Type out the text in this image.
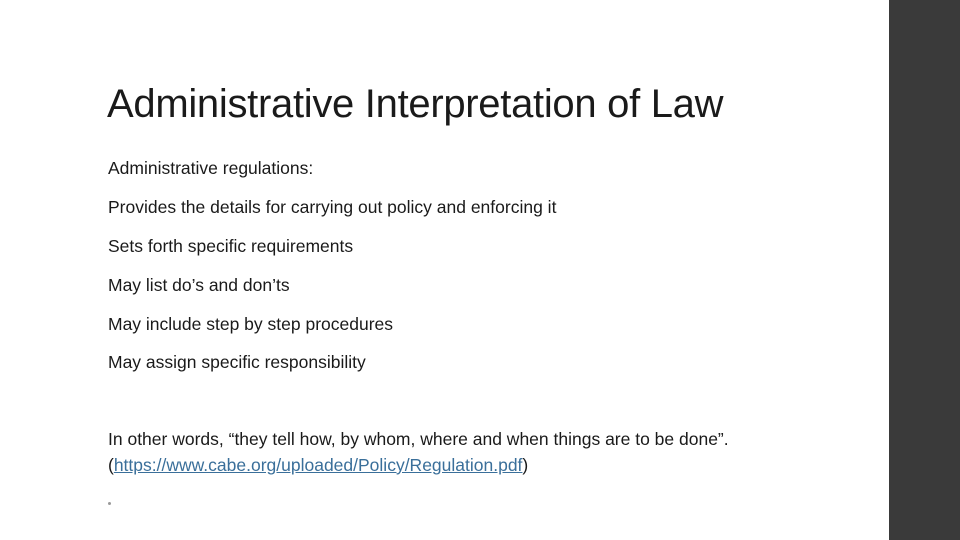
Administrative Interpretation of Law

Administrative regulations:

Provides the details for carrying out policy and enforcing it

Sets forth specific requirements

May list do’s and don’ts

May include step by step procedures

May assign specific responsibility

In other words, “they tell how, by whom, where and when things are to be done”.

(https://www.cabe.org/uploaded/Policy/Regulation.pdf)
